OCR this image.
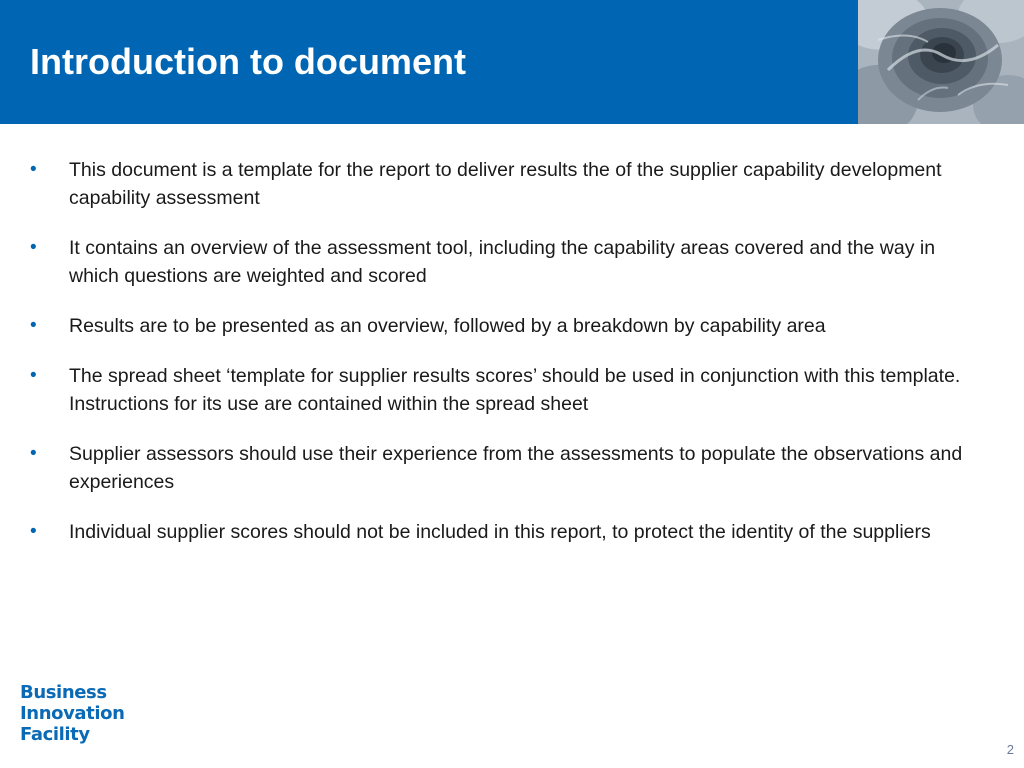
Introduction to document
• This document is a template for the report to deliver results the of the supplier capability development capability assessment
• It contains an overview of the assessment tool, including the capability areas covered and the way in which questions are weighted and scored
• Results are to be presented as an overview, followed by a breakdown by capability area
• The spread sheet ‘template for supplier results scores’ should be used in conjunction with this template. Instructions for its use are contained within the spread sheet
• Supplier assessors should use their experience from the assessments to populate the observations and experiences
• Individual supplier scores should not be included in this report, to protect the identity of the suppliers
Business
Innovation
Facility
2
